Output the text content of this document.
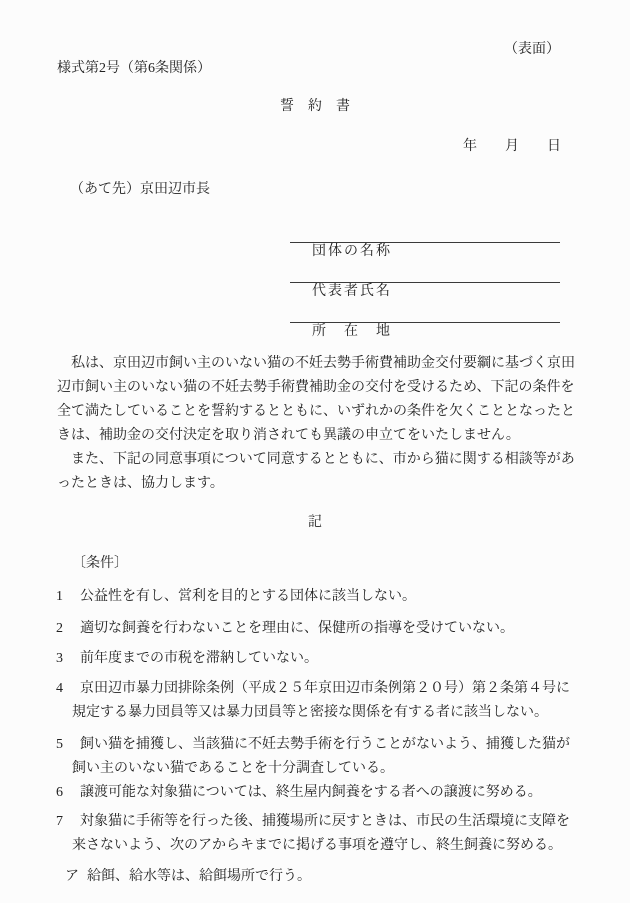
（表面）
様式第2号（第6条関係）
誓　約　書
年　　月　　日
（あて先）京田辺市長

団体の名称

代表者氏名

所　在　地

私は、京田辺市飼い主のいない猫の不妊去勢手術費補助金交付要綱に基づく京田辺市飼い主のいない猫の不妊去勢手術費補助金の交付を受けるため、下記の条件を全て満たしていることを誓約するとともに、いずれかの条件を欠くこととなったときは、補助金の交付決定を取り消されても異議の申立てをいたしません。

また、下記の同意事項について同意するとともに、市から猫に関する相談等があったときは、協力します。

記
〔条件〕
1 公益性を有し、営利を目的とする団体に該当しない。
2 適切な飼養を行わないことを理由に、保健所の指導を受けていない。
3 前年度までの市税を滞納していない。
4 京田辺市暴力団排除条例（平成２５年京田辺市条例第２０号）第２条第４号に規定する暴力団員等又は暴力団員等と密接な関係を有する者に該当しない。
5 飼い猫を捕獲し、当該猫に不妊去勢手術を行うことがないよう、捕獲した猫が飼い主のいない猫であることを十分調査している。
6 譲渡可能な対象猫については、終生屋内飼養をする者への譲渡に努める。
7 対象猫に手術等を行った後、捕獲場所に戻すときは、市民の生活環境に支障を来さないよう、次のアからキまでに掲げる事項を遵守し、終生飼養に努める。
ア 給餌、給水等は、給餌場所で行う。
